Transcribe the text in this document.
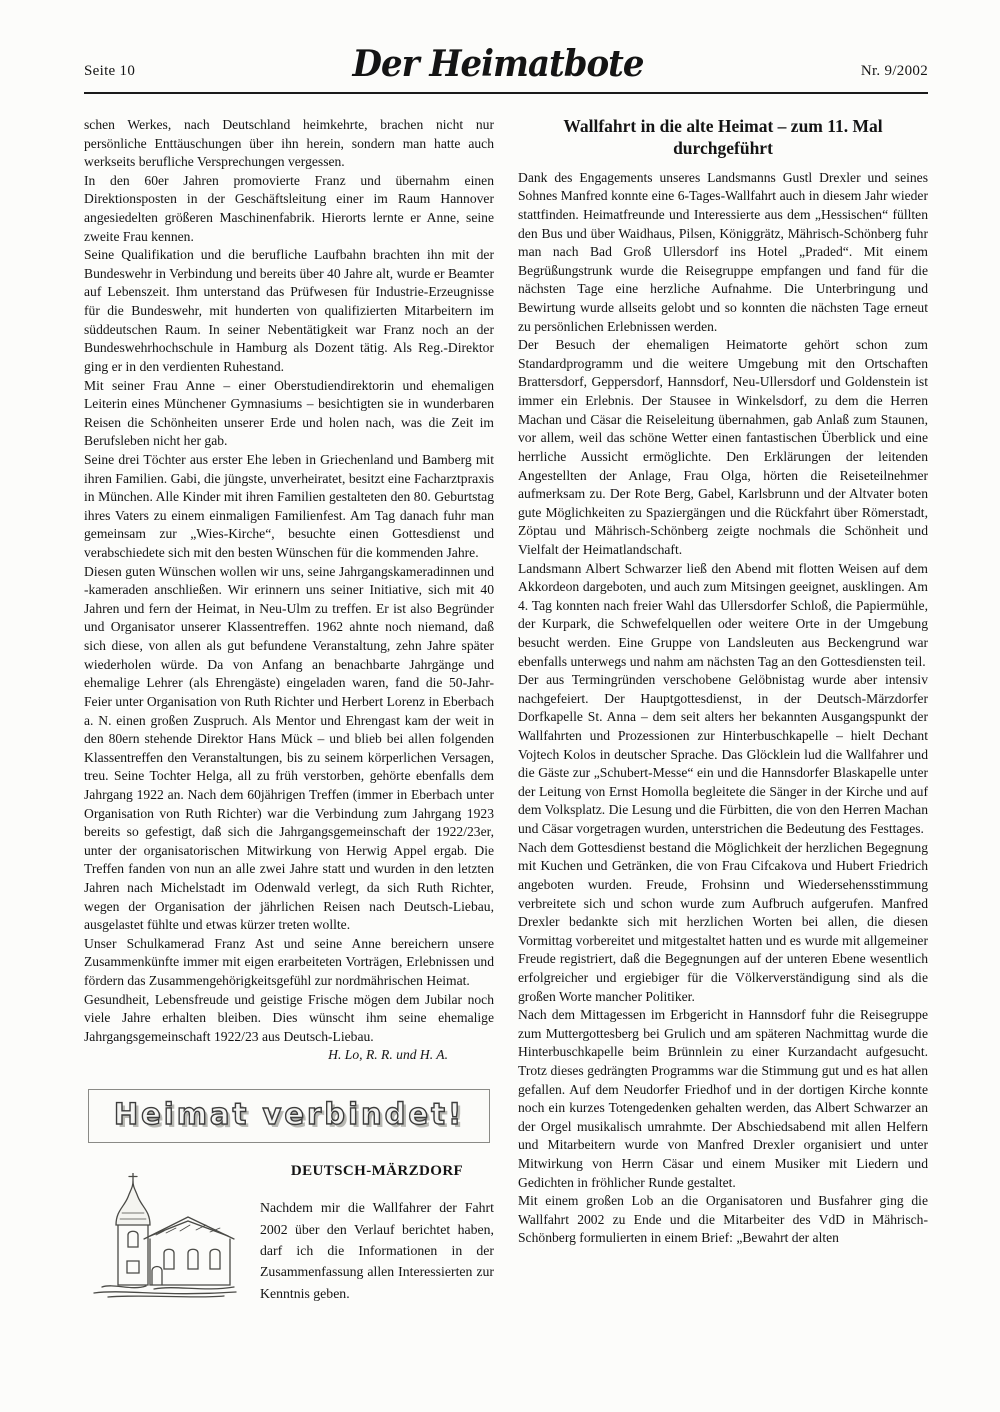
Seite 10	Der Heimatbote	Nr. 9/2002

schen Werkes, nach Deutschland heimkehrte, brachen nicht nur persönliche Enttäuschungen über ihn herein, sondern man hatte auch werkseits berufliche Versprechungen vergessen.

In den 60er Jahren promovierte Franz und übernahm einen Direktionsposten in der Geschäftsleitung einer im Raum Hannover angesiedelten größeren Maschinenfabrik. Hierorts lernte er Anne, seine zweite Frau kennen.

Seine Qualifikation und die berufliche Laufbahn brachten ihn mit der Bundeswehr in Verbindung und bereits über 40 Jahre alt, wurde er Beamter auf Lebenszeit. Ihm unterstand das Prüfwesen für Industrie-Erzeugnisse für die Bundeswehr, mit hunderten von qualifizierten Mitarbeitern im süddeutschen Raum. In seiner Nebentätigkeit war Franz noch an der Bundeswehrhochschule in Hamburg als Dozent tätig. Als Reg.-Direktor ging er in den verdienten Ruhestand.

Mit seiner Frau Anne – einer Oberstudiendirektorin und ehemaligen Leiterin eines Münchener Gymnasiums – besichtigten sie in wunderbaren Reisen die Schönheiten unserer Erde und holen nach, was die Zeit im Berufsleben nicht her gab.

Seine drei Töchter aus erster Ehe leben in Griechenland und Bamberg mit ihren Familien. Gabi, die jüngste, unverheiratet, besitzt eine Facharztpraxis in München. Alle Kinder mit ihren Familien gestalteten den 80. Geburtstag ihres Vaters zu einem einmaligen Familienfest. Am Tag danach fuhr man gemeinsam zur „Wies-Kirche“, besuchte einen Gottesdienst und verabschiedete sich mit den besten Wünschen für die kommenden Jahre.

Diesen guten Wünschen wollen wir uns, seine Jahrgangskameradinnen und -kameraden anschließen. Wir erinnern uns seiner Initiative, sich mit 40 Jahren und fern der Heimat, in Neu-Ulm zu treffen. Er ist also Begründer und Organisator unserer Klassentreffen. 1962 ahnte noch niemand, daß sich diese, von allen als gut befundene Veranstaltung, zehn Jahre später wiederholen würde. Da von Anfang an benachbarte Jahrgänge und ehemalige Lehrer (als Ehrengäste) eingeladen waren, fand die 50-Jahr-Feier unter Organisation von Ruth Richter und Herbert Lorenz in Eberbach a. N. einen großen Zuspruch. Als Mentor und Ehrengast kam der weit in den 80ern stehende Direktor Hans Mück – und blieb bei allen folgenden Klassentreffen den Veranstaltungen, bis zu seinem körperlichen Versagen, treu. Seine Tochter Helga, all zu früh verstorben, gehörte ebenfalls dem Jahrgang 1922 an. Nach dem 60jährigen Treffen (immer in Eberbach unter Organisation von Ruth Richter) war die Verbindung zum Jahrgang 1923 bereits so gefestigt, daß sich die Jahrgangsgemeinschaft der 1922/23er, unter der organisatorischen Mitwirkung von Herwig Appel ergab. Die Treffen fanden von nun an alle zwei Jahre statt und wurden in den letzten Jahren nach Michelstadt im Odenwald verlegt, da sich Ruth Richter, wegen der Organisation der jährlichen Reisen nach Deutsch-Liebau, ausgelastet fühlte und etwas kürzer treten wollte.

Unser Schulkamerad Franz Ast und seine Anne bereichern unsere Zusammenkünfte immer mit eigen erarbeiteten Vorträgen, Erlebnissen und fördern das Zusammengehörigkeitsgefühl zur nordmährischen Heimat.

Gesundheit, Lebensfreude und geistige Frische mögen dem Jubilar noch viele Jahre erhalten bleiben. Dies wünscht ihm seine ehemalige Jahrgangsgemeinschaft 1922/23 aus Deutsch-Liebau.

H. Lo, R. R. und H. A.

Heimat verbindet!
DEUTSCH-MÄRZDORF

Nachdem mir die Wallfahrer der Fahrt 2002 über den Verlauf berichtet haben, darf ich die Informationen in der Zusammenfassung allen Interessierten zur Kenntnis geben.

Wallfahrt in die alte Heimat – zum 11. Mal durchgeführt

Dank des Engagements unseres Landsmanns Gustl Drexler und seines Sohnes Manfred konnte eine 6-Tages-Wallfahrt auch in diesem Jahr wieder stattfinden. Heimatfreunde und Interessierte aus dem „Hessischen“ füllten den Bus und über Waidhaus, Pilsen, Königgrätz, Mährisch-Schönberg fuhr man nach Bad Groß Ullersdorf ins Hotel „Praded“. Mit einem Begrüßungstrunk wurde die Reisegruppe empfangen und fand für die nächsten Tage eine herzliche Aufnahme. Die Unterbringung und Bewirtung wurde allseits gelobt und so konnten die nächsten Tage erneut zu persönlichen Erlebnissen werden.

Der Besuch der ehemaligen Heimatorte gehört schon zum Standardprogramm und die weitere Umgebung mit den Ortschaften Brattersdorf, Geppersdorf, Hannsdorf, Neu-Ullersdorf und Goldenstein ist immer ein Erlebnis. Der Stausee in Winkelsdorf, zu dem die Herren Machan und Cäsar die Reiseleitung übernahmen, gab Anlaß zum Staunen, vor allem, weil das schöne Wetter einen fantastischen Überblick und eine herrliche Aussicht ermöglichte. Den Erklärungen der leitenden Angestellten der Anlage, Frau Olga, hörten die Reiseteilnehmer aufmerksam zu. Der Rote Berg, Gabel, Karlsbrunn und der Altvater boten gute Möglichkeiten zu Spaziergängen und die Rückfahrt über Römerstadt, Zöptau und Mährisch-Schönberg zeigte nochmals die Schönheit und Vielfalt der Heimatlandschaft.

Landsmann Albert Schwarzer ließ den Abend mit flotten Weisen auf dem Akkordeon dargeboten, und auch zum Mitsingen geeignet, ausklingen. Am 4. Tag konnten nach freier Wahl das Ullersdorfer Schloß, die Papiermühle, der Kurpark, die Schwefelquellen oder weitere Orte in der Umgebung besucht werden. Eine Gruppe von Landsleuten aus Beckengrund war ebenfalls unterwegs und nahm am nächsten Tag an den Gottesdiensten teil.

Der aus Termingründen verschobene Gelöbnistag wurde aber intensiv nachgefeiert. Der Hauptgottesdienst, in der Deutsch-Märzdorfer Dorfkapelle St. Anna – dem seit alters her bekannten Ausgangspunkt der Wallfahrten und Prozessionen zur Hinterbuschkapelle – hielt Dechant Vojtech Kolos in deutscher Sprache. Das Glöcklein lud die Wallfahrer und die Gäste zur „Schubert-Messe“ ein und die Hannsdorfer Blaskapelle unter der Leitung von Ernst Homolla begleitete die Sänger in der Kirche und auf dem Volksplatz. Die Lesung und die Fürbitten, die von den Herren Machan und Cäsar vorgetragen wurden, unterstrichen die Bedeutung des Festtages.

Nach dem Gottesdienst bestand die Möglichkeit der herzlichen Begegnung mit Kuchen und Getränken, die von Frau Cifcakova und Hubert Friedrich angeboten wurden. Freude, Frohsinn und Wiedersehensstimmung verbreitete sich und schon wurde zum Aufbruch aufgerufen. Manfred Drexler bedankte sich mit herzlichen Worten bei allen, die diesen Vormittag vorbereitet und mitgestaltet hatten und es wurde mit allgemeiner Freude registriert, daß die Begegnungen auf der unteren Ebene wesentlich erfolgreicher und ergiebiger für die Völkerverständigung sind als die großen Worte mancher Politiker.

Nach dem Mittagessen im Erbgericht in Hannsdorf fuhr die Reisegruppe zum Muttergottesberg bei Grulich und am späteren Nachmittag wurde die Hinterbuschkapelle beim Brünnlein zu einer Kurzandacht aufgesucht. Trotz dieses gedrängten Programms war die Stimmung gut und es hat allen gefallen. Auf dem Neudorfer Friedhof und in der dortigen Kirche konnte noch ein kurzes Totengedenken gehalten werden, das Albert Schwarzer an der Orgel musikalisch umrahmte. Der Abschiedsabend mit allen Helfern und Mitarbeitern wurde von Manfred Drexler organisiert und unter Mitwirkung von Herrn Cäsar und einem Musiker mit Liedern und Gedichten in fröhlicher Runde gestaltet.

Mit einem großen Lob an die Organisatoren und Busfahrer ging die Wallfahrt 2002 zu Ende und die Mitarbeiter des VdD in Mährisch-Schönberg formulierten in einem Brief: „Bewahrt der alten
